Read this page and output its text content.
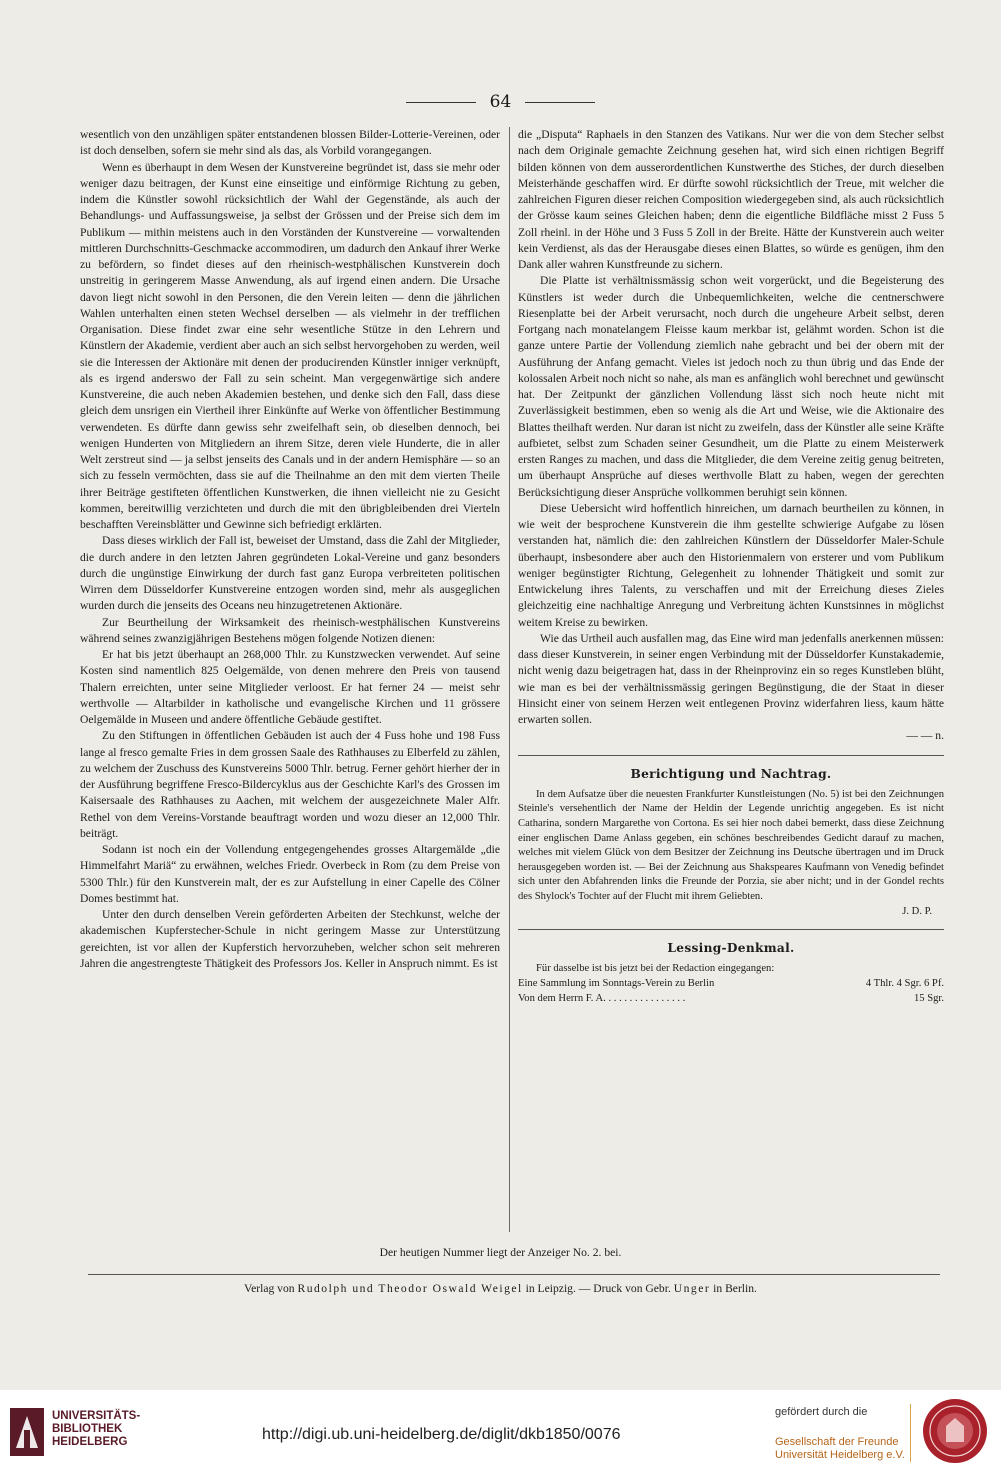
64

wesentlich von den unzähligen später entstandenen blossen Bilder-Lotterie-Vereinen, oder ist doch denselben, sofern sie mehr sind als das, als Vorbild vorangegangen.

Wenn es überhaupt in dem Wesen der Kunstvereine begründet ist, dass sie mehr oder weniger dazu beitragen, der Kunst eine einseitige und einförmige Richtung zu geben, indem die Künstler sowohl rücksichtlich der Wahl der Gegenstände, als auch der Behandlungs- und Auffassungsweise, ja selbst der Grössen und der Preise sich dem im Publikum — mithin meistens auch in den Vorständen der Kunstvereine — vorwaltenden mittleren Durchschnitts-Geschmacke accommodiren, um dadurch den Ankauf ihrer Werke zu befördern, so findet dieses auf den rheinisch-westphälischen Kunstverein doch unstreitig in geringerem Masse Anwendung, als auf irgend einen andern. Die Ursache davon liegt nicht sowohl in den Personen, die den Verein leiten — denn die jährlichen Wahlen unterhalten einen steten Wechsel derselben — als vielmehr in der trefflichen Organisation. Diese findet zwar eine sehr wesentliche Stütze in den Lehrern und Künstlern der Akademie, verdient aber auch an sich selbst hervorgehoben zu werden, weil sie die Interessen der Aktionäre mit denen der producirenden Künstler inniger verknüpft, als es irgend anderswo der Fall zu sein scheint. Man vergegenwärtige sich andere Kunstvereine, die auch neben Akademien bestehen, und denke sich den Fall, dass diese gleich dem unsrigen ein Viertheil ihrer Einkünfte auf Werke von öffentlicher Bestimmung verwendeten. Es dürfte dann gewiss sehr zweifelhaft sein, ob dieselben dennoch, bei wenigen Hunderten von Mitgliedern an ihrem Sitze, deren viele Hunderte, die in aller Welt zerstreut sind — ja selbst jenseits des Canals und in der andern Hemisphäre — so an sich zu fesseln vermöchten, dass sie auf die Theilnahme an den mit dem vierten Theile ihrer Beiträge gestifteten öffentlichen Kunstwerken, die ihnen vielleicht nie zu Gesicht kommen, bereitwillig verzichteten und durch die mit den übrigbleibenden drei Vierteln beschafften Vereinsblätter und Gewinne sich befriedigt erklärten.

Dass dieses wirklich der Fall ist, beweiset der Umstand, dass die Zahl der Mitglieder, die durch andere in den letzten Jahren gegründeten Lokal-Vereine und ganz besonders durch die ungünstige Einwirkung der durch fast ganz Europa verbreiteten politischen Wirren dem Düsseldorfer Kunstvereine entzogen worden sind, mehr als ausgeglichen wurden durch die jenseits des Oceans neu hinzugetretenen Aktionäre.

Zur Beurtheilung der Wirksamkeit des rheinisch-westphälischen Kunstvereins während seines zwanzigjährigen Bestehens mögen folgende Notizen dienen:

Er hat bis jetzt überhaupt an 268,000 Thlr. zu Kunstzwecken verwendet. Auf seine Kosten sind namentlich 825 Oelgemälde, von denen mehrere den Preis von tausend Thalern erreichten, unter seine Mitglieder verloost. Er hat ferner 24 — meist sehr werthvolle — Altarbilder in katholische und evangelische Kirchen und 11 grössere Oelgemälde in Museen und andere öffentliche Gebäude gestiftet.

Zu den Stiftungen in öffentlichen Gebäuden ist auch der 4 Fuss hohe und 198 Fuss lange al fresco gemalte Fries in dem grossen Saale des Rathhauses zu Elberfeld zu zählen, zu welchem der Zuschuss des Kunstvereins 5000 Thlr. betrug. Ferner gehört hierher der in der Ausführung begriffene Fresco-Bildercyklus aus der Geschichte Karl's des Grossen im Kaisersaale des Rathhauses zu Aachen, mit welchem der ausgezeichnete Maler Alfr. Rethel von dem Vereins-Vorstande beauftragt worden und wozu dieser an 12,000 Thlr. beiträgt.

Sodann ist noch ein der Vollendung entgegengehendes grosses Altargemälde „die Himmelfahrt Mariä“ zu erwähnen, welches Friedr. Overbeck in Rom (zu dem Preise von 5300 Thlr.) für den Kunstverein malt, der es zur Aufstellung in einer Capelle des Cölner Domes bestimmt hat.

Unter den durch denselben Verein geförderten Arbeiten der Stechkunst, welche der akademischen Kupferstecher-Schule in nicht geringem Masse zur Unterstützung gereichten, ist vor allen der Kupferstich hervorzuheben, welcher schon seit mehreren Jahren die angestrengteste Thätigkeit des Professors Jos. Keller in Anspruch nimmt. Es ist

die „Disputa“ Raphaels in den Stanzen des Vatikans. Nur wer die von dem Stecher selbst nach dem Originale gemachte Zeichnung gesehen hat, wird sich einen richtigen Begriff bilden können von dem ausserordentlichen Kunstwerthe des Stiches, der durch dieselben Meisterhände geschaffen wird. Er dürfte sowohl rücksichtlich der Treue, mit welcher die zahlreichen Figuren dieser reichen Composition wiedergegeben sind, als auch rücksichtlich der Grösse kaum seines Gleichen haben; denn die eigentliche Bildfläche misst 2 Fuss 5 Zoll rheinl. in der Höhe und 3 Fuss 5 Zoll in der Breite. Hätte der Kunstverein auch weiter kein Verdienst, als das der Herausgabe dieses einen Blattes, so würde es genügen, ihm den Dank aller wahren Kunstfreunde zu sichern.

Die Platte ist verhältnissmässig schon weit vorgerückt, und die Begeisterung des Künstlers ist weder durch die Unbequemlichkeiten, welche die centnerschwere Riesenplatte bei der Arbeit verursacht, noch durch die ungeheure Arbeit selbst, deren Fortgang nach monatelangem Fleisse kaum merkbar ist, gelähmt worden. Schon ist die ganze untere Partie der Vollendung ziemlich nahe gebracht und bei der obern mit der Ausführung der Anfang gemacht. Vieles ist jedoch noch zu thun übrig und das Ende der kolossalen Arbeit noch nicht so nahe, als man es anfänglich wohl berechnet und gewünscht hat. Der Zeitpunkt der gänzlichen Vollendung lässt sich noch heute nicht mit Zuverlässigkeit bestimmen, eben so wenig als die Art und Weise, wie die Aktionaire des Blattes theilhaft werden. Nur daran ist nicht zu zweifeln, dass der Künstler alle seine Kräfte aufbietet, selbst zum Schaden seiner Gesundheit, um die Platte zu einem Meisterwerk ersten Ranges zu machen, und dass die Mitglieder, die dem Vereine zeitig genug beitreten, um überhaupt Ansprüche auf dieses werthvolle Blatt zu haben, wegen der gerechten Berücksichtigung dieser Ansprüche vollkommen beruhigt sein können.

Diese Uebersicht wird hoffentlich hinreichen, um darnach beurtheilen zu können, in wie weit der besprochene Kunstverein die ihm gestellte schwierige Aufgabe zu lösen verstanden hat, nämlich die: den zahlreichen Künstlern der Düsseldorfer Maler-Schule überhaupt, insbesondere aber auch den Historienmalern von ersterer und vom Publikum weniger begünstigter Richtung, Gelegenheit zu lohnender Thätigkeit und somit zur Entwickelung ihres Talents, zu verschaffen und mit der Erreichung dieses Zieles gleichzeitig eine nachhaltige Anregung und Verbreitung ächten Kunstsinnes in möglichst weitem Kreise zu bewirken.

Wie das Urtheil auch ausfallen mag, das Eine wird man jedenfalls anerkennen müssen: dass dieser Kunstverein, in seiner engen Verbindung mit der Düsseldorfer Kunstakademie, nicht wenig dazu beigetragen hat, dass in der Rheinprovinz ein so reges Kunstleben blüht, wie man es bei der verhältnissmässig geringen Begünstigung, die der Staat in dieser Hinsicht einer von seinem Herzen weit entlegenen Provinz widerfahren liess, kaum hätte erwarten sollen.

— — n.
Berichtigung und Nachtrag.

In dem Aufsatze über die neuesten Frankfurter Kunstleistungen (No. 5) ist bei den Zeichnungen Steinle's versehentlich der Name der Heldin der Legende unrichtig angegeben. Es ist nicht Catharina, sondern Margarethe von Cortona. Es sei hier noch dabei bemerkt, dass diese Zeichnung einer englischen Dame Anlass gegeben, ein schönes beschreibendes Gedicht darauf zu machen, welches mit vielem Glück von dem Besitzer der Zeichnung ins Deutsche übertragen und im Druck herausgegeben worden ist. — Bei der Zeichnung aus Shakspeares Kaufmann von Venedig befindet sich unter den Abfahrenden links die Freunde der Porzia, sie aber nicht; und in der Gondel rechts des Shylock's Tochter auf der Flucht mit ihrem Geliebten.

J. D. P.
Lessing-Denkmal.

Für dasselbe ist bis jetzt bei der Redaction eingegangen:

Eine Sammlung im Sonntags-Verein zu Berlin	4 Thlr. 4 Sgr. 6 Pf.
Von dem Herrn F. A. . . . . . . . . . . . . . . .	15 Sgr.
Der heutigen Nummer liegt der Anzeiger No. 2. bei.
Verlag von Rudolph und Theodor Oswald Weigel in Leipzig. — Druck von Gebr. Unger in Berlin.
UNIVERSITÄTS-
BIBLIOTHEK
HEIDELBERG	http://digi.ub.uni-heidelberg.de/diglit/dkb1850/0076
gefördert durch die
Gesellschaft der Freunde
Universität Heidelberg e.V.
